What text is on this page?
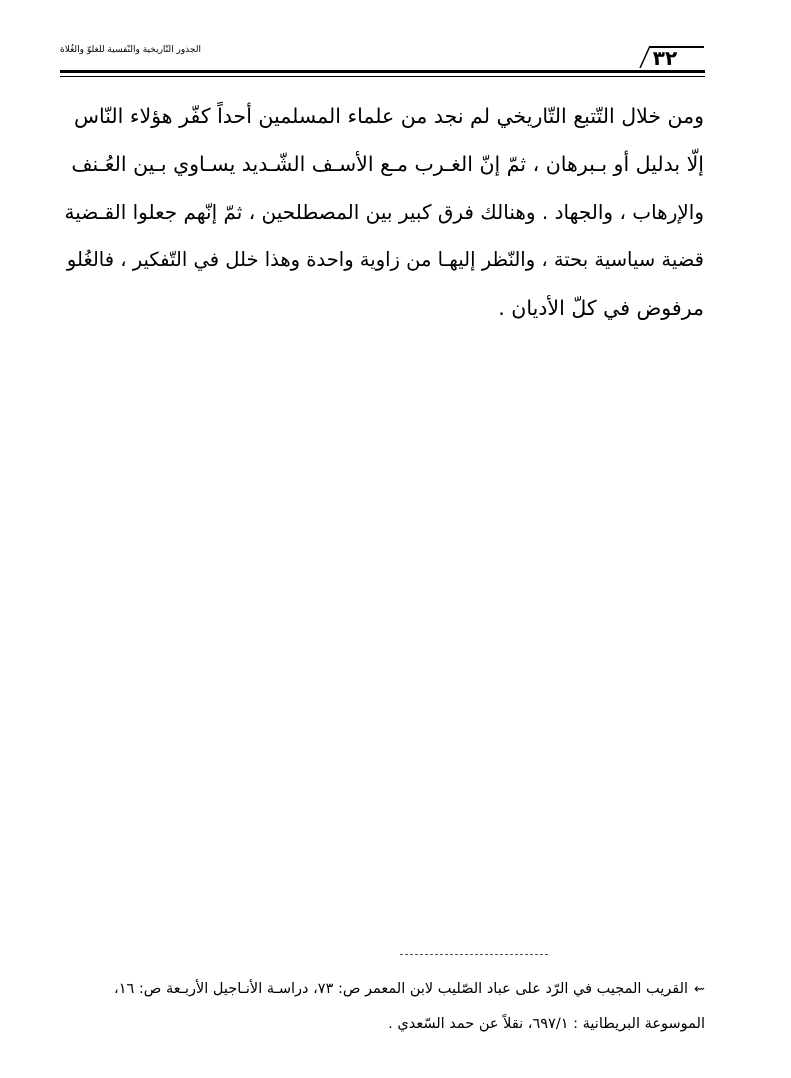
الجذور التّاريخية والنّفسية للغلوّ والغُلاة	٣٢
ومن خلال التّتبع التّاريخي لم نجد من علماء المسلمين أحداً كفّر هؤلاء النّاس
إلّا بدليل أو بـبرهان ، ثمّ إنّ الغـرب مـع الأسـف الشّـديد يسـاوي بـين العُـنف
والإرهاب ، والجهاد . وهنالك فرق كبير بين المصطلحين ، ثمّ إنّهم جعلوا القـضية
قضية سياسية بحتة ، والنّظر إليهـا من زاوية واحدة وهذا خلل في التّفكير ، فالغُلو
مرفوض في كلّ الأديان .
⇜القريب المجيب في الرّد على عباد الصّليب لابن المعمر ص: ٧٣، دراسـة الأنـاجيل الأربـعة ص: ١٦،
الموسوعة البريطانية : ٦٩٧/١، نقلاً عن حمد السّعدي .
